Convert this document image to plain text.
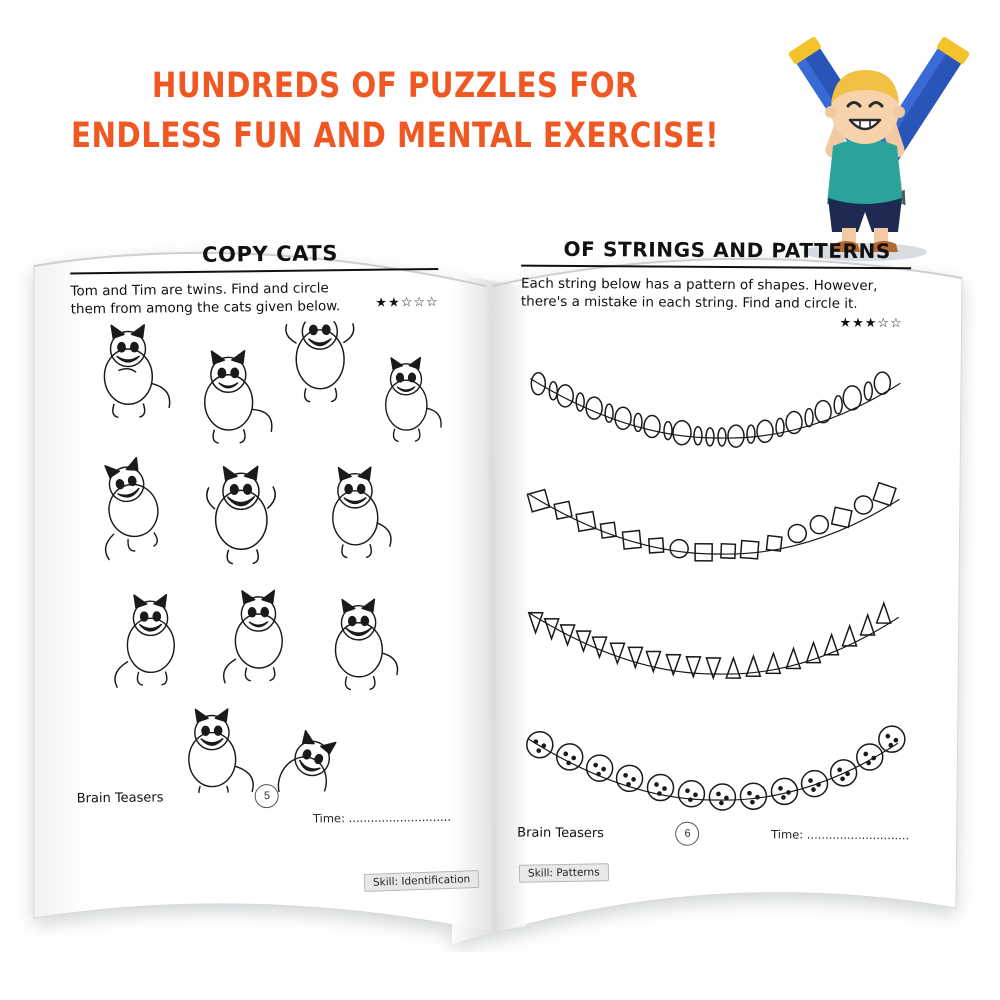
HUNDREDS OF PUZZLES FOR
ENDLESS FUN AND MENTAL EXERCISE!
COPY CATS
Tom and Tim are twins. Find and circle them from among the cats given below.	★★☆☆☆
Brain Teasers	5
Time: ............................
Skill: Identification
OF STRINGS AND PATTERNS
Each string below has a pattern of shapes. However, there's a mistake in each string. Find and circle it.
★★★☆☆
Brain Teasers	6	Time: ............................
Skill: Patterns
